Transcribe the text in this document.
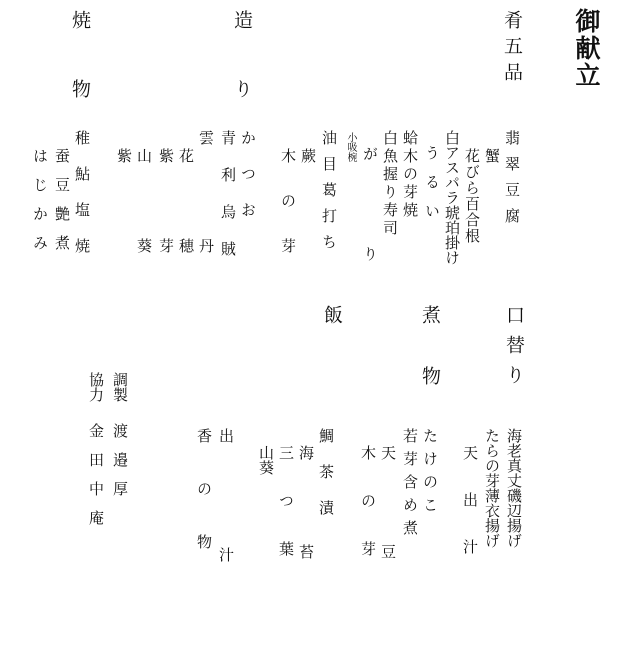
御献立
肴五品
翡翠豆腐
蟹
花びら百合根
白アスパラ琥珀掛け
うるい
蛤木の芽焼
白魚握り寿司
がり
小吸椀
油目葛打ち
蕨
木の芽
造り
かつお
青利烏賊
雲丹
花穂
紫芽
山葵
焼物
紫
稚鮎塩焼
蚕豆艶煮
はじかみ
口替り
海老真丈磯辺揚げ
たらの芽薄衣揚げ
天出汁
煮物
たけのこ
若芽含め煮
天豆
木の芽
飯
鯛茶漬
海苔
三つ葉
山葵
出汁
香の物
調製
渡邉厚
協力
金田中庵
